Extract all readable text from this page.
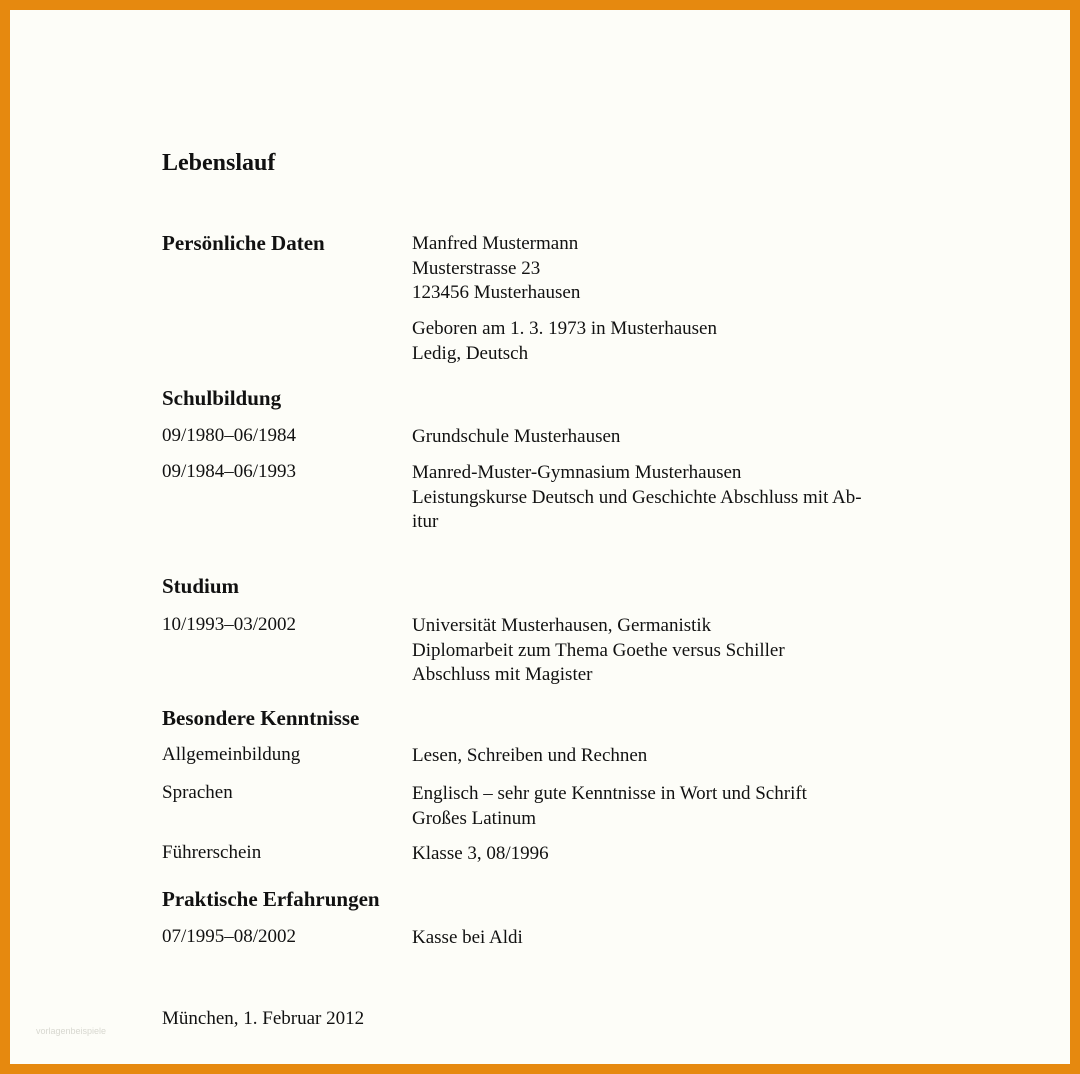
Lebenslauf
Persönliche Daten	Manfred Mustermann
Musterstrasse 23
123456 Musterhausen
Geboren am 1. 3. 1973 in Musterhausen
Ledig, Deutsch
Schulbildung
09/1980–06/1984	Grundschule Musterhausen
09/1984–06/1993	Manred-Muster-Gymnasium Musterhausen
Leistungskurse Deutsch und Geschichte Abschluss mit Ab-
itur
Studium
10/1993–03/2002	Universität Musterhausen, Germanistik
Diplomarbeit zum Thema Goethe versus Schiller
Abschluss mit Magister
Besondere Kenntnisse
Allgemeinbildung	Lesen, Schreiben und Rechnen
Sprachen	Englisch – sehr gute Kenntnisse in Wort und Schrift
Großes Latinum
Führerschein	Klasse 3, 08/1996
Praktische Erfahrungen
07/1995–08/2002	Kasse bei Aldi
München, 1. Februar 2012
vorlagenbeispiele
